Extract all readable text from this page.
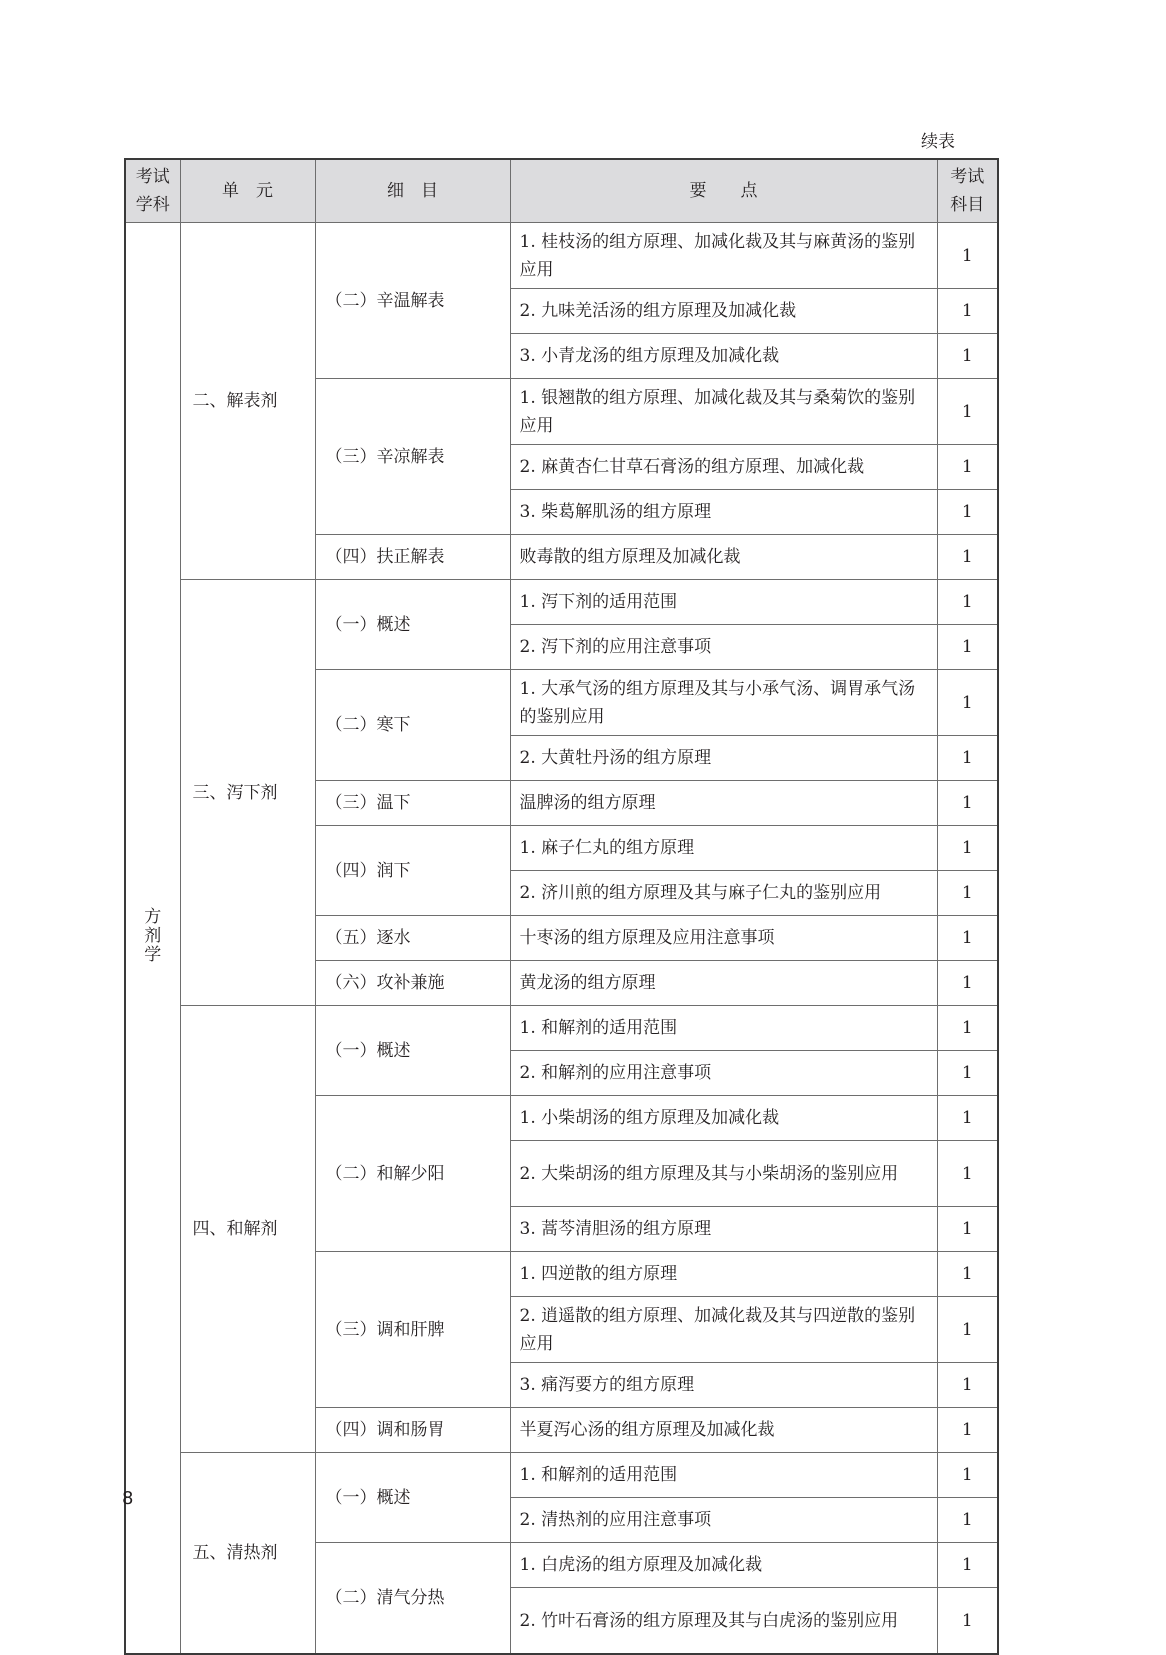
续表
考试学科	单　元	细　目	要　　点	考试科目
方剂学	二、解表剂	（二）辛温解表	1. 桂枝汤的组方原理、加减化裁及其与麻黄汤的鉴别应用	1
			2. 九味羌活汤的组方原理及加减化裁	1
			3. 小青龙汤的组方原理及加减化裁	1
		（三）辛凉解表	1. 银翘散的组方原理、加减化裁及其与桑菊饮的鉴别应用	1
			2. 麻黄杏仁甘草石膏汤的组方原理、加减化裁	1
			3. 柴葛解肌汤的组方原理	1
		（四）扶正解表	败毒散的组方原理及加减化裁	1
	三、泻下剂	（一）概述	1. 泻下剂的适用范围	1
			2. 泻下剂的应用注意事项	1
		（二）寒下	1. 大承气汤的组方原理及其与小承气汤、调胃承气汤的鉴别应用	1
			2. 大黄牡丹汤的组方原理	1
		（三）温下	温脾汤的组方原理	1
		（四）润下	1. 麻子仁丸的组方原理	1
			2. 济川煎的组方原理及其与麻子仁丸的鉴别应用	1
		（五）逐水	十枣汤的组方原理及应用注意事项	1
		（六）攻补兼施	黄龙汤的组方原理	1
	四、和解剂	（一）概述	1. 和解剂的适用范围	1
			2. 和解剂的应用注意事项	1
		（二）和解少阳	1. 小柴胡汤的组方原理及加减化裁	1
			2. 大柴胡汤的组方原理及其与小柴胡汤的鉴别应用	1
			3. 蒿芩清胆汤的组方原理	1
		（三）调和肝脾	1. 四逆散的组方原理	1
			2. 逍遥散的组方原理、加减化裁及其与四逆散的鉴别应用	1
			3. 痛泻要方的组方原理	1
		（四）调和肠胃	半夏泻心汤的组方原理及加减化裁	1
	五、清热剂	（一）概述	1. 和解剂的适用范围	1
			2. 清热剂的应用注意事项	1
		（二）清气分热	1. 白虎汤的组方原理及加减化裁	1
			2. 竹叶石膏汤的组方原理及其与白虎汤的鉴别应用	1
8
